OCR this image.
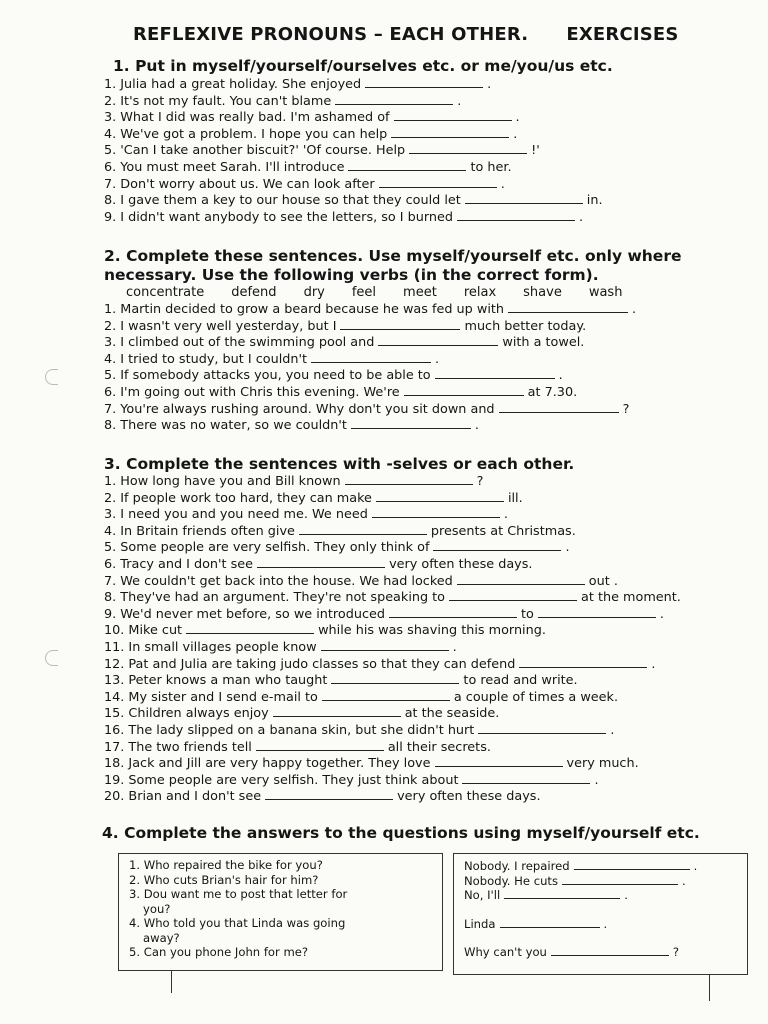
REFLEXIVE PRONOUNS – EACH OTHER. EXERCISES
1. Put in myself/yourself/ourselves etc. or me/you/us etc.
1. Julia had a great holiday. She enjoyed	.
2. It's not my fault. You can't blame	.
3. What I did was really bad. I'm ashamed of	.
4. We've got a problem. I hope you can help	.
5. 'Can I take another biscuit?' 'Of course. Help	!'
6. You must meet Sarah. I'll introduce	to her.
7. Don't worry about us. We can look after	.
8. I gave them a key to our house so that they could let	in.
9. I didn't want anybody to see the letters, so I burned	.
2. Complete these sentences. Use myself/yourself etc. only where
necessary. Use the following verbs (in the correct form).
concentrate defend dry feel meet relax shave wash
1. Martin decided to grow a beard because he was fed up with	.
2. I wasn't very well yesterday, but I	much better today.
3. I climbed out of the swimming pool and	with a towel.
4. I tried to study, but I couldn't	.
5. If somebody attacks you, you need to be able to	.
6. I'm going out with Chris this evening. We're	at 7.30.
7. You're always rushing around. Why don't you sit down and	?
8. There was no water, so we couldn't	.
3. Complete the sentences with -selves or each other.
1. How long have you and Bill known	?
2. If people work too hard, they can make	ill.
3. I need you and you need me. We need	.
4. In Britain friends often give	presents at Christmas.
5. Some people are very selfish. They only think of	.
6. Tracy and I don't see	very often these days.
7. We couldn't get back into the house. We had locked	out .
8. They've had an argument. They're not speaking to	at the moment.
9. We'd never met before, so we introduced	to	.
10. Mike cut	while his was shaving this morning.
11. In small villages people know	.
12. Pat and Julia are taking judo classes so that they can defend	.
13. Peter knows a man who taught	to read and write.
14. My sister and I send e-mail to	a couple of times a week.
15. Children always enjoy	at the seaside.
16. The lady slipped on a banana skin, but she didn't hurt	.
17. The two friends tell	all their secrets.
18. Jack and Jill are very happy together. They love	very much.
19. Some people are very selfish. They just think about	.
20. Brian and I don't see	very often these days.
4. Complete the answers to the questions using myself/yourself etc.
1. Who repaired the bike for you?
2. Who cuts Brian's hair for him?
3. Dou want me to post that letter for
you?
4. Who told you that Linda was going
away?
5. Can you phone John for me?
Nobody. I repaired	.
Nobody. He cuts	.
No, I'll	.
Linda	.
Why can't you	?
